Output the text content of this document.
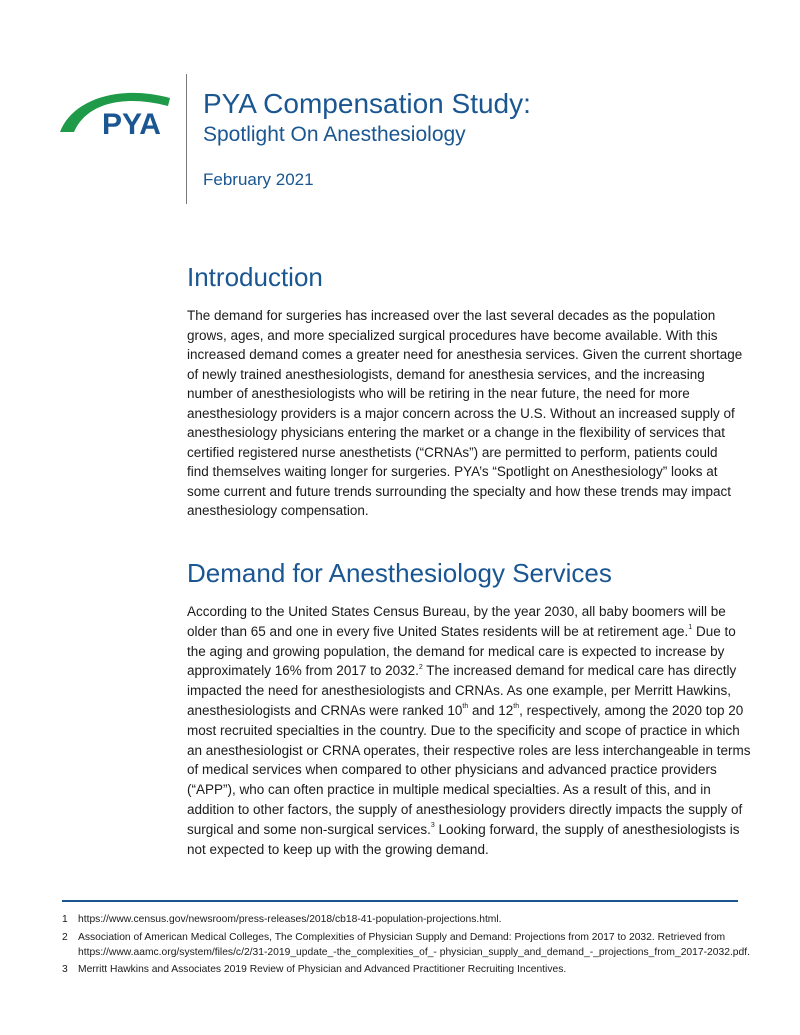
PYA
PYA Compensation Study:
Spotlight On Anesthesiology
February 2021
Introduction
The demand for surgeries has increased over the last several decades as the population
grows, ages, and more specialized surgical procedures have become available. With this
increased demand comes a greater need for anesthesia services. Given the current shortage
of newly trained anesthesiologists, demand for anesthesia services, and the increasing
number of anesthesiologists who will be retiring in the near future, the need for more
anesthesiology providers is a major concern across the U.S. Without an increased supply of
anesthesiology physicians entering the market or a change in the flexibility of services that
certified registered nurse anesthetists (“CRNAs”) are permitted to perform, patients could
find themselves waiting longer for surgeries. PYA’s “Spotlight on Anesthesiology” looks at
some current and future trends surrounding the specialty and how these trends may impact
anesthesiology compensation.
Demand for Anesthesiology Services
According to the United States Census Bureau, by the year 2030, all baby boomers will be
older than 65 and one in every five United States residents will be at retirement age.$^1$ Due to
the aging and growing population, the demand for medical care is expected to increase by
approximately 16% from 2017 to 2032.$^2$ The increased demand for medical care has directly
impacted the need for anesthesiologists and CRNAs. As one example, per Merritt Hawkins,
anesthesiologists and CRNAs were ranked 10th and 12th, respectively, among the 2020 top 20
most recruited specialties in the country. Due to the specificity and scope of practice in which
an anesthesiologist or CRNA operates, their respective roles are less interchangeable in terms
of medical services when compared to other physicians and advanced practice providers
(“APP”), who can often practice in multiple medical specialties. As a result of this, and in
addition to other factors, the supply of anesthesiology providers directly impacts the supply of
surgical and some non-surgical services.$^3$ Looking forward, the supply of anesthesiologists is
not expected to keep up with the growing demand.
1 https://www.census.gov/newsroom/press-releases/2018/cb18-41-population-projections.html.
2 Association of American Medical Colleges, The Complexities of Physician Supply and Demand: Projections from 2017 to 2032. Retrieved from
https://www.aamc.org/system/files/c/2/31-2019_update_-the_complexities_of_- physician_supply_and_demand_-_projections_from_2017-2032.pdf.
3 Merritt Hawkins and Associates 2019 Review of Physician and Advanced Practitioner Recruiting Incentives.
